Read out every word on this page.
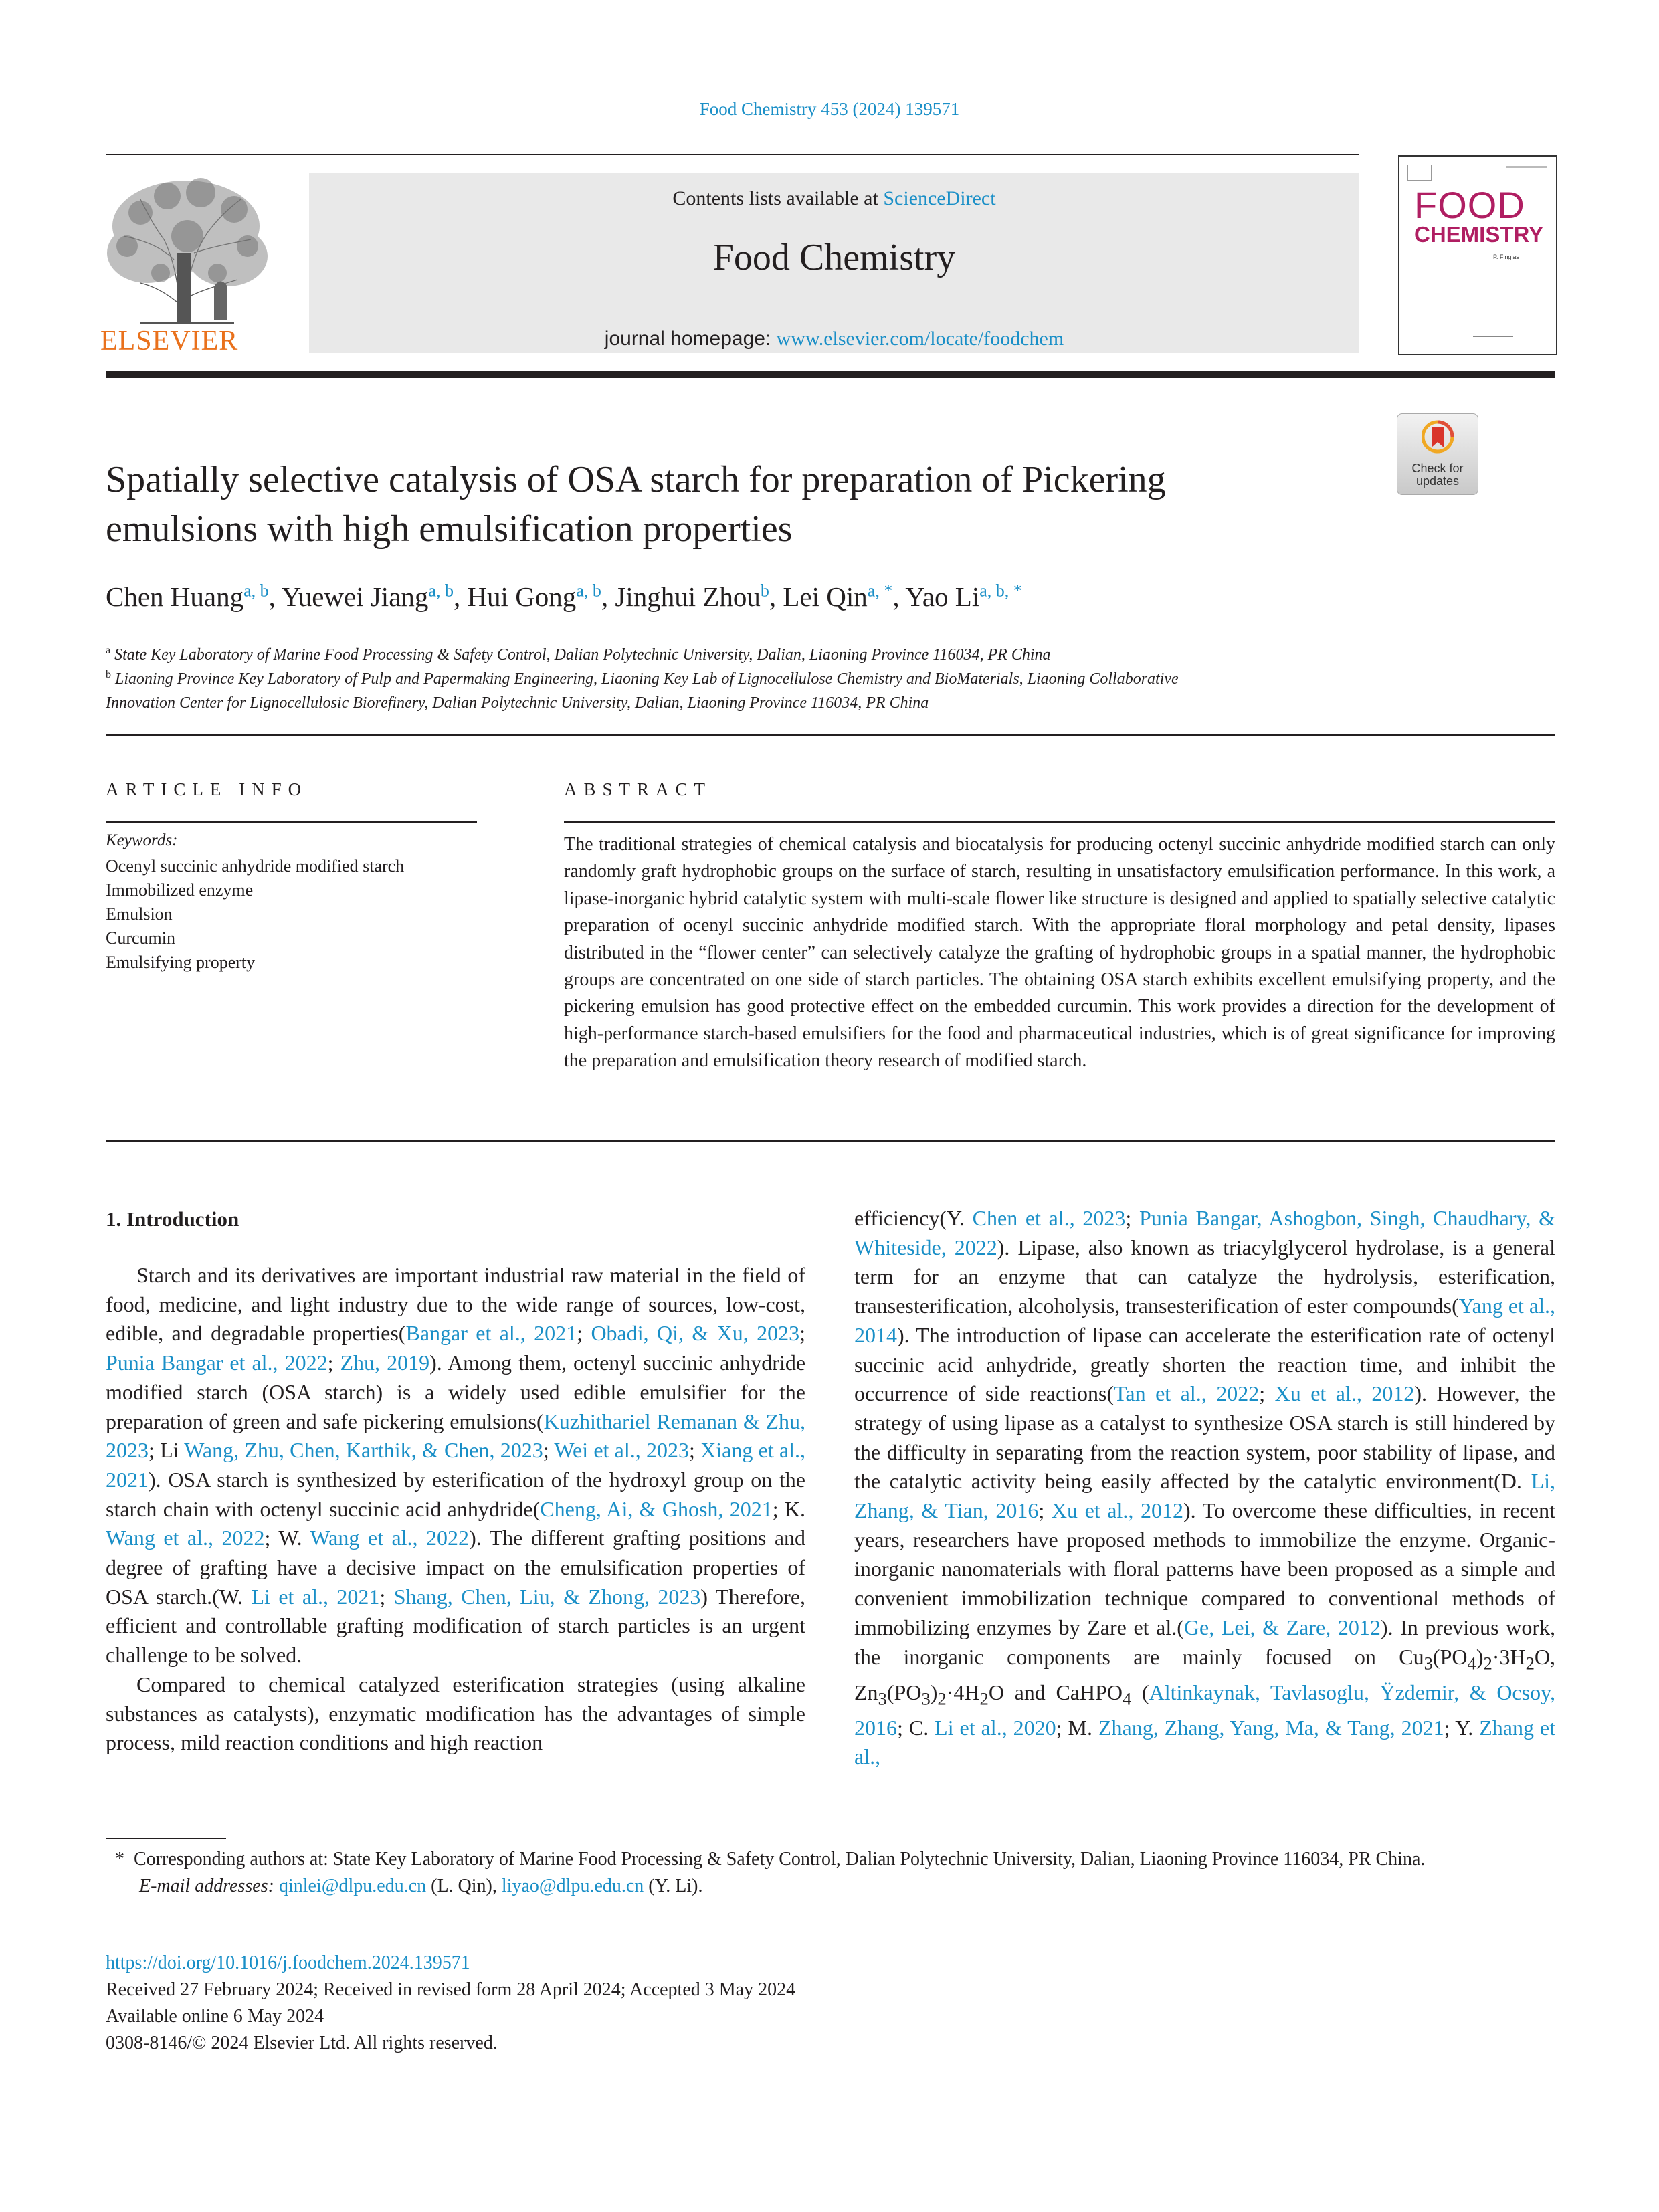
Food Chemistry 453 (2024) 139571
ELSEVIER
Contents lists available at ScienceDirect
Food Chemistry
journal homepage: www.elsevier.com/locate/foodchem
FOOD
CHEMISTRY
P. Finglas
Check for updates
Spatially selective catalysis of OSA starch for preparation of Pickering
emulsions with high emulsification properties
Chen Huang$^{a, b}$, Yuewei Jiang$^{a, b}$, Hui Gong$^{a, b}$, Jinghui Zhou$^b$, Lei Qin$^{a, *}$, Yao $Li^{a, b, *}$
$^a$ State Key Laboratory of Marine Food Processing & Safety Control, Dalian Polytechnic University, Dalian, Liaoning Province 116034, PR China
$^b$ Liaoning Province Key Laboratory of Pulp and Papermaking Engineering, Liaoning Key Lab of Lignocellulose Chemistry and BioMaterials, Liaoning Collaborative
Innovation Center for Lignocellulosic Biorefinery, Dalian Polytechnic University, Dalian, Liaoning Province 116034, PR China
ARTICLE INFO	ABSTRACT
Keywords:
Ocenyl succinic anhydride modified starch
Immobilized enzyme
Emulsion
Curcumin
Emulsifying property
The traditional strategies of chemical catalysis and biocatalysis for producing octenyl succinic anhydride modified starch can only randomly graft hydrophobic groups on the surface of starch, resulting in unsatisfactory emulsification performance. In this work, a lipase-inorganic hybrid catalytic system with multi-scale flower like structure is designed and applied to spatially selective catalytic preparation of ocenyl succinic anhydride modified starch. With the appropriate floral morphology and petal density, lipases distributed in the “flower center” can selectively catalyze the grafting of hydrophobic groups in a spatial manner, the hydrophobic groups are concentrated on one side of starch particles. The obtaining OSA starch exhibits excellent emulsifying property, and the pickering emulsion has good protective effect on the embedded curcumin. This work provides a direction for the development of high-performance starch-based emulsifiers for the food and pharmaceutical industries, which is of great significance for improving the preparation and emulsification theory research of modified starch.
1. Introduction

Starch and its derivatives are important industrial raw material in the field of food, medicine, and light industry due to the wide range of sources, low-cost, edible, and degradable properties(Bangar et al., 2021; Obadi, Qi, & Xu, 2023; Punia Bangar et al., 2022; Zhu, 2019). Among them, octenyl succinic anhydride modified starch (OSA starch) is a widely used edible emulsifier for the preparation of green and safe pickering emulsions(Kuzhithariel Remanan & Zhu, 2023; Li Wang, Zhu, Chen, Karthik, & Chen, 2023; Wei et al., 2023; Xiang et al., 2021). OSA starch is synthesized by esterification of the hydroxyl group on the starch chain with octenyl succinic acid anhydride(Cheng, Ai, & Ghosh, 2021; K. Wang et al., 2022; W. Wang et al., 2022). The different grafting positions and degree of grafting have a decisive impact on the emulsification properties of OSA starch.(W. Li et al., 2021; Shang, Chen, Liu, & Zhong, 2023) Therefore, efficient and controllable grafting modification of starch particles is an urgent challenge to be solved.

Compared to chemical catalyzed esterification strategies (using alkaline substances as catalysts), enzymatic modification has the advantages of simple process, mild reaction conditions and high reaction

efficiency(Y. Chen et al., 2023; Punia Bangar, Ashogbon, Singh, Chaudhary, & Whiteside, 2022). Lipase, also known as triacylglycerol hydrolase, is a general term for an enzyme that can catalyze the hydrolysis, esterification, transesterification, alcoholysis, transesterification of ester compounds(Yang et al., 2014). The introduction of lipase can accelerate the esterification rate of octenyl succinic acid anhydride, greatly shorten the reaction time, and inhibit the occurrence of side reactions(Tan et al., 2022; Xu et al., 2012). However, the strategy of using lipase as a catalyst to synthesize OSA starch is still hindered by the difficulty in separating from the reaction system, poor stability of lipase, and the catalytic activity being easily affected by the catalytic environment(D. Li, Zhang, & Tian, 2016; Xu et al., 2012). To overcome these difficulties, in recent years, researchers have proposed methods to immobilize the enzyme. Organic-inorganic nanomaterials with floral patterns have been proposed as a simple and convenient immobilization technique compared to conventional methods of immobilizing enzymes by Zare et al.(Ge, Lei, & Zare, 2012). In previous work, the inorganic components are mainly focused on $Cu_3(PO_4)_2\cdot 3H_2O$, $Zn_3(PO_3)_2\cdot 4H_2O$ and CaHPO$_4$ (Altinkaynak, Tavlasoglu, Ÿzdemir, & Ocsoy, 2016; C. Li et al., 2020; M. Zhang, Zhang, Yang, Ma, & Tang, 2021; Y. Zhang et al.,

* Corresponding authors at: State Key Laboratory of Marine Food Processing & Safety Control, Dalian Polytechnic University, Dalian, Liaoning Province 116034, PR China.
E-mail addresses: qinlei@dlpu.edu.cn (L. Qin), liyao@dlpu.edu.cn (Y. Li).
https://doi.org/10.1016/j.foodchem.2024.139571
Received 27 February 2024; Received in revised form 28 April 2024; Accepted 3 May 2024
Available online 6 May 2024
0308-8146/© 2024 Elsevier Ltd. All rights reserved.
